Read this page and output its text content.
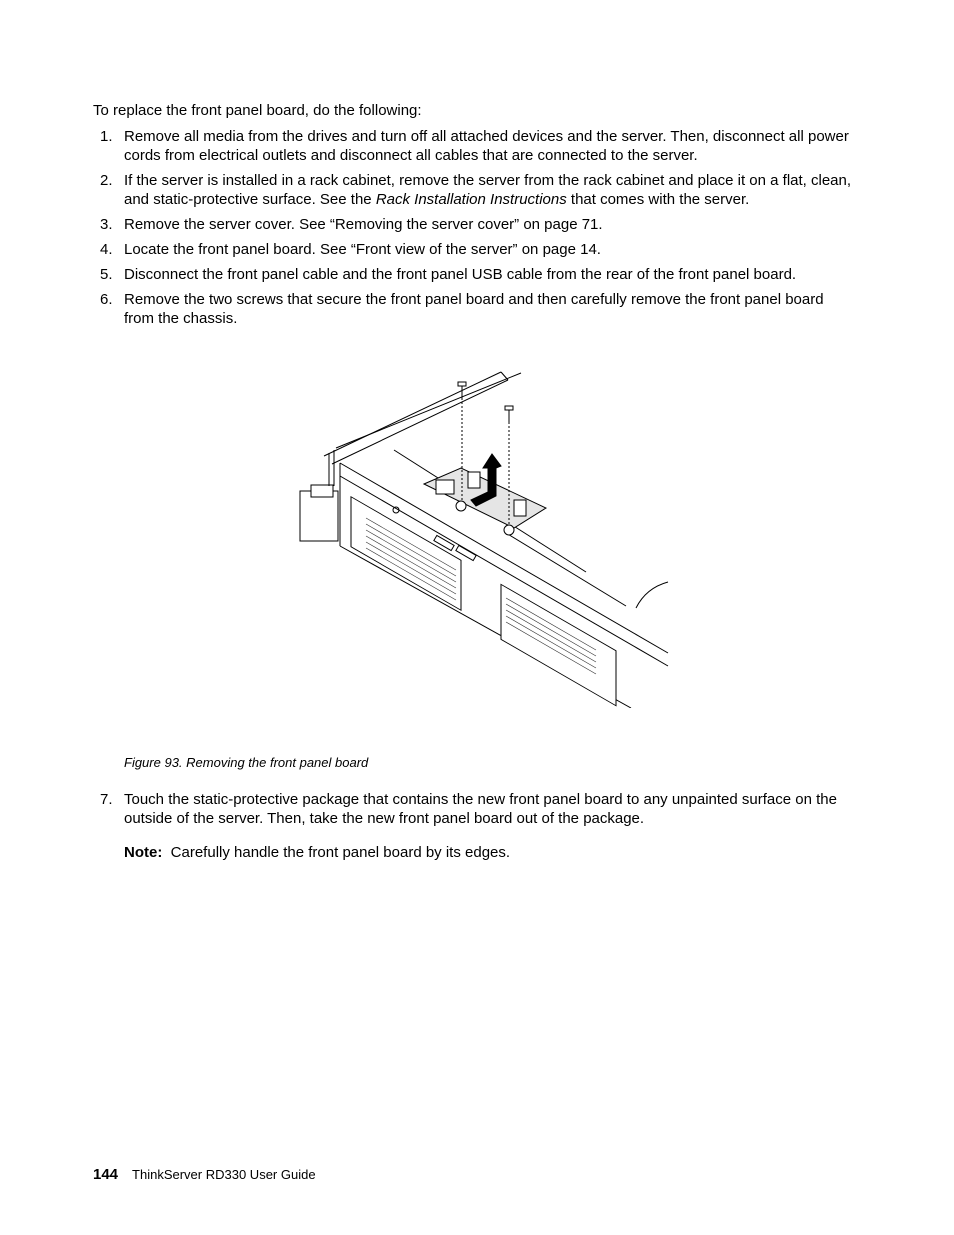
To replace the front panel board, do the following:

1. Remove all media from the drives and turn off all attached devices and the server. Then, disconnect all power cords from electrical outlets and disconnect all cables that are connected to the server.
2. If the server is installed in a rack cabinet, remove the server from the rack cabinet and place it on a flat, clean, and static-protective surface. See the Rack Installation Instructions that comes with the server.
3. Remove the server cover. See “Removing the server cover” on page 71.
4. Locate the front panel board. See “Front view of the server” on page 14.
5. Disconnect the front panel cable and the front panel USB cable from the rear of the front panel board.
6. Remove the two screws that secure the front panel board and then carefully remove the front panel board from the chassis.

Figure 93. Removing the front panel board

7. Touch the static-protective package that contains the new front panel board to any unpainted surface on the outside of the server. Then, take the new front panel board out of the package.

Note: Carefully handle the front panel board by its edges.

144 ThinkServer RD330 User Guide
